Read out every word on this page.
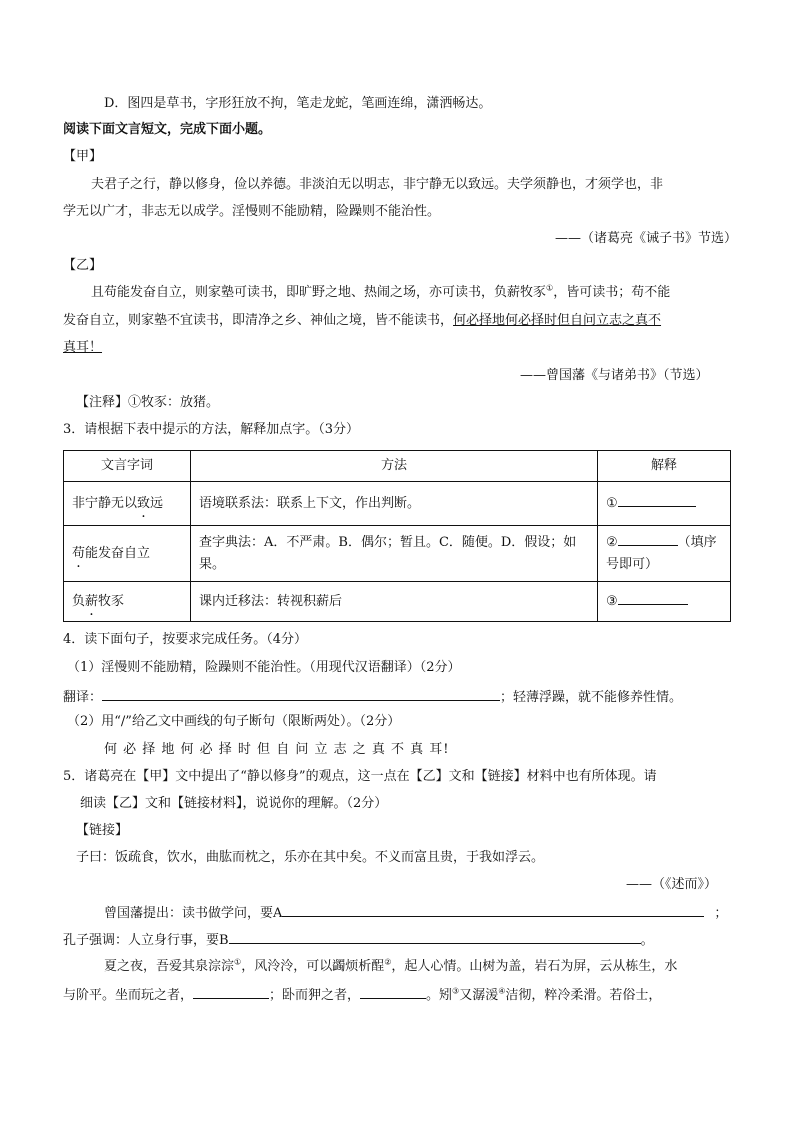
D．图四是草书，字形狂放不拘，笔走龙蛇，笔画连绵，潇洒畅达。
阅读下面文言短文，完成下面小题。
【甲】
夫君子之行，静以修身，俭以养德。非淡泊无以明志，非宁静无以致远。夫学须静也，才须学也，非
学无以广才，非志无以成学。淫慢则不能励精，险躁则不能治性。
——（诸葛亮《诫子书》节选）
【乙】
且苟能发奋自立，则家塾可读书，即旷野之地、热闹之场，亦可读书，负薪牧豕①，皆可读书；苟不能
发奋自立，则家塾不宜读书，即清净之乡、神仙之境，皆不能读书，何必择地何必择时但自问立志之真不
真耳！
——曾国藩《与诸弟书》（节选）
【注释】①牧豕：放猪。
3．请根据下表中提示的方法，解释加点字。（3分）
文言字词	方法	解释
非宁静无以致远	语境联系法：联系上下文，作出判断。	①
苟能发奋自立	查字典法：A．不严肃。B．偶尔；暂且。C．随便。D．假设；如果。	② （填序号即可）
负薪牧豕	课内迁移法：转视积薪后	③
4．读下面句子，按要求完成任务。（4分）
（1）淫慢则不能励精，险躁则不能治性。（用现代汉语翻译）（2分）
翻译：	；轻薄浮躁，就不能修养性情。
（2）用“/”给乙文中画线的句子断句（限断两处）。（2分）
何 必 择 地 何 必 择 时 但 自 问 立 志 之 真 不 真 耳!
5．诸葛亮在【甲】文中提出了“静以修身”的观点，这一点在【乙】文和【链接】材料中也有所体现。请
细读【乙】文和【链接材料】，说说你的理解。（2分）
【链接】
子曰：饭疏食，饮水，曲肱而枕之，乐亦在其中矣。不义而富且贵，于我如浮云。
——（《述而》）
曾国藩提出：读书做学问，要A	；
孔子强调：人立身行事，要B	。
夏之夜，吾爱其泉淙淙①，风泠泠，可以蠲烦析酲②，起人心情。山树为盖，岩石为屏，云从栋生，水
与阶平。坐而玩之者，	；卧而狎之者，	。矧③又潺湲④洁彻，粹冷柔滑。若俗士，
